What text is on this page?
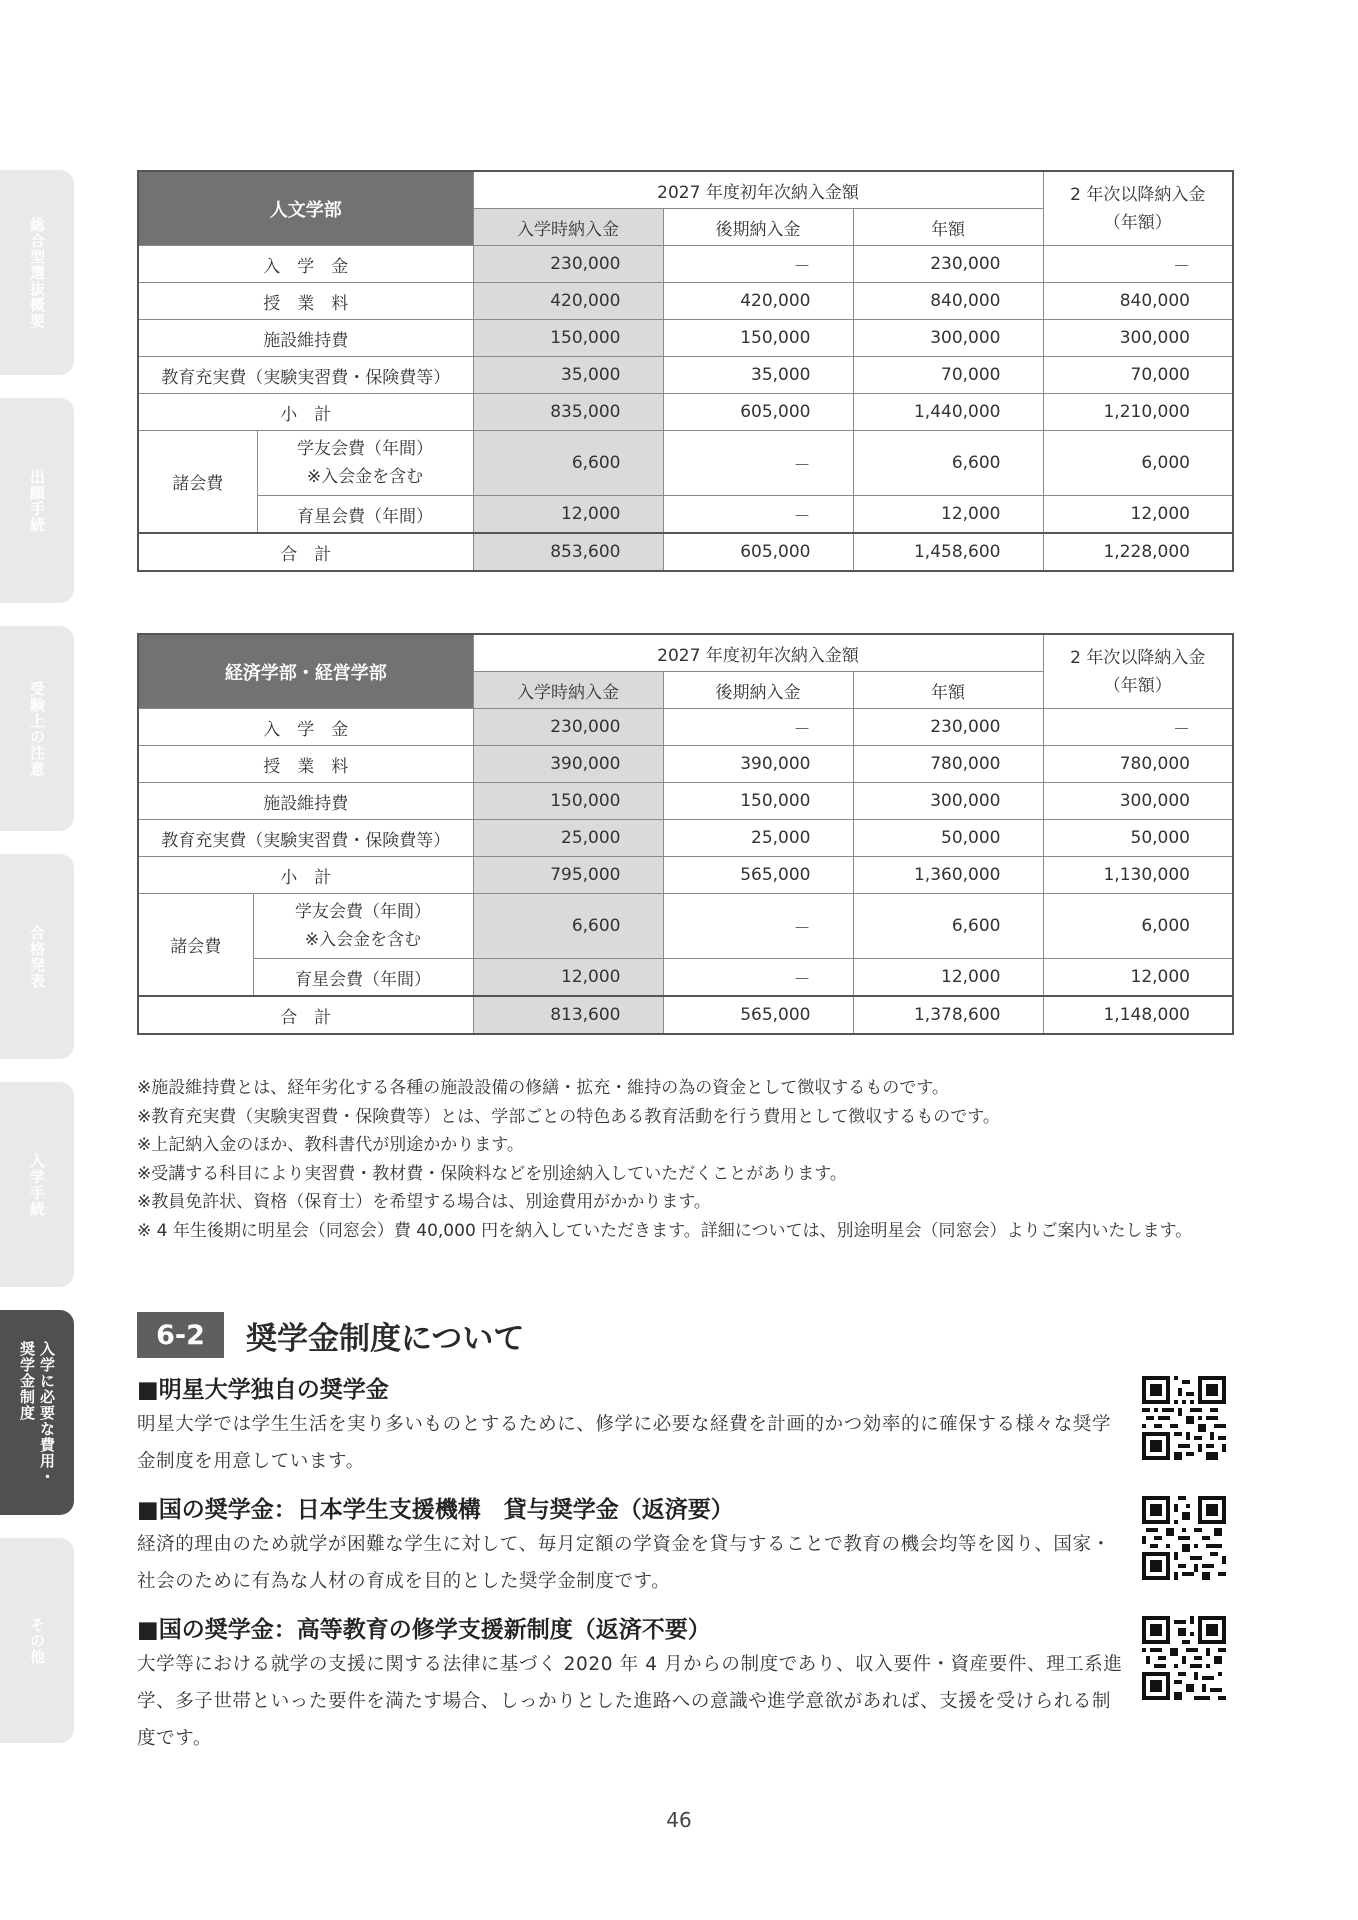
総合型選抜概要
出願手続
受験上の注意
合格発表
入学手続
入学に必要な費用・
奨学金制度
その他
人文学部		2027 年度初年次納入金額			2 年次以降納入金
（年額）
		入学時納入金	後期納入金	年額	
入　学　金		230,000	－	230,000	－
授　業　料		420,000	420,000	840,000	840,000
施設維持費		150,000	150,000	300,000	300,000
教育充実費（実験実習費・保険費等）		35,000	35,000	70,000	70,000
小　計		835,000	605,000	1,440,000	1,210,000
諸会費	学友会費（年間）
※入会金を含む	6,600	－	6,600	6,000
	育星会費（年間）	12,000	－	12,000	12,000
合　計		853,600	605,000	1,458,600	1,228,000
経済学部・経営学部		2027 年度初年次納入金額			2 年次以降納入金
（年額）
		入学時納入金	後期納入金	年額	
入　学　金		230,000	－	230,000	－
授　業　料		390,000	390,000	780,000	780,000
施設維持費		150,000	150,000	300,000	300,000
教育充実費（実験実習費・保険費等）		25,000	25,000	50,000	50,000
小　計		795,000	565,000	1,360,000	1,130,000
諸会費	学友会費（年間）
※入会金を含む	6,600	－	6,600	6,000
	育星会費（年間）	12,000	－	12,000	12,000
合　計		813,600	565,000	1,378,600	1,148,000
※施設維持費とは、経年劣化する各種の施設設備の修繕・拡充・維持の為の資金として徴収するものです。
※教育充実費（実験実習費・保険費等）とは、学部ごとの特色ある教育活動を行う費用として徴収するものです。
※上記納入金のほか、教科書代が別途かかります。
※受講する科目により実習費・教材費・保険料などを別途納入していただくことがあります。
※教員免許状、資格（保育士）を希望する場合は、別途費用がかかります。
※ 4 年生後期に明星会（同窓会）費 40,000 円を納入していただきます。詳細については、別途明星会（同窓会）よりご案内いたします。
6-2	奨学金制度について
■明星大学独自の奨学金
明星大学では学生生活を実り多いものとするために、修学に必要な経費を計画的かつ効率的に確保する様々な奨学金制度を用意しています。
■国の奨学金：日本学生支援機構　貸与奨学金（返済要）
経済的理由のため就学が困難な学生に対して、毎月定額の学資金を貸与することで教育の機会均等を図り、国家・社会のために有為な人材の育成を目的とした奨学金制度です。
■国の奨学金：高等教育の修学支援新制度（返済不要）
大学等における就学の支援に関する法律に基づく 2020 年 4 月からの制度であり、収入要件・資産要件、理工系進学、多子世帯といった要件を満たす場合、しっかりとした進路への意識や進学意欲があれば、支援を受けられる制度です。
46
